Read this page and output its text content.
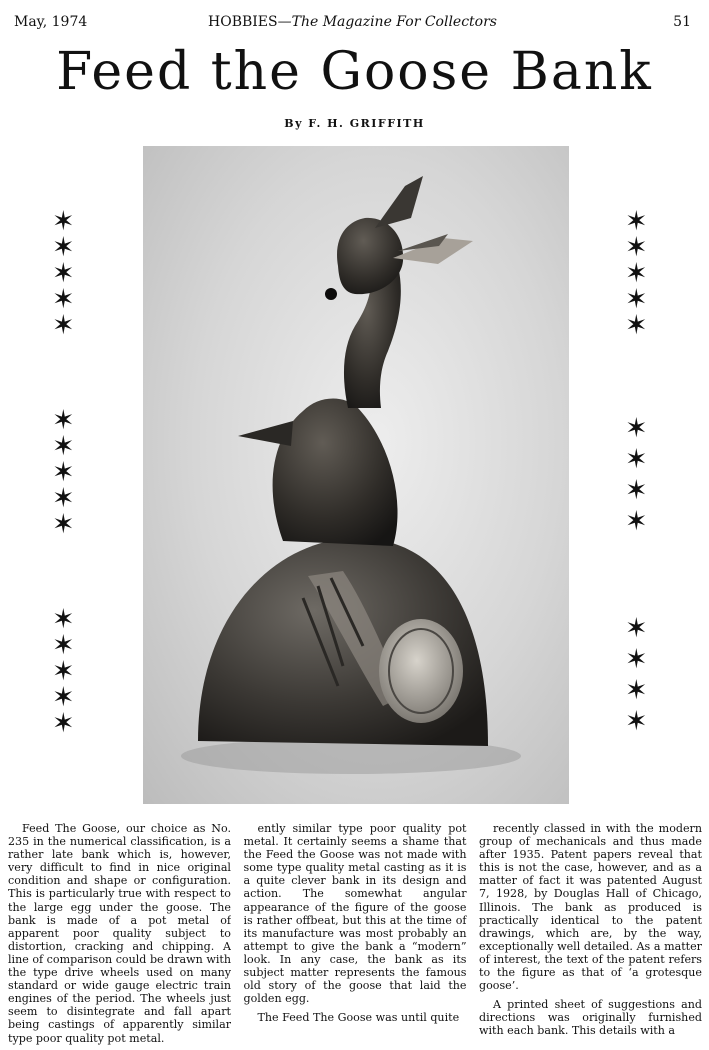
May, 1974	HOBBIES—The Magazine For Collectors	51
Feed the Goose Bank
By F. H. GRIFFITH
✶
✶
✶
✶
✶
✶
✶
✶
✶
✶
✶
✶
✶
✶
✶
✶
✶
✶
✶
✶
✶
✶
✶
✶
✶
✶
✶
✶

Feed The Goose, our choice as No. 235 in the numerical classification, is a rather late bank which is, however, very difficult to find in nice original condition and shape or configuration. This is particularly true with respect to the large egg under the goose. The bank is made of a pot metal of apparent poor quality subject to distortion, cracking and chipping. A line of comparison could be drawn with the type drive wheels used on many standard or wide gauge electric train engines of the period. The wheels just seem to disintegrate and fall apart being castings of apparently similar type poor quality pot metal.

ently similar type poor quality pot metal. It certainly seems a shame that the Feed the Goose was not made with some type quality metal casting as it is a quite clever bank in its design and action. The somewhat angular appearance of the figure of the goose is rather offbeat, but this at the time of its manufacture was most probably an attempt to give the bank a “modern” look. In any case, the bank as its subject matter represents the famous old story of the goose that laid the golden egg.

The Feed The Goose was until quite

recently classed in with the modern group of mechanicals and thus made after 1935. Patent papers reveal that this is not the case, however, and as a matter of fact it was patented August 7, 1928, by Douglas Hall of Chicago, Illinois. The bank as produced is practically identical to the patent drawings, which are, by the way, exceptionally well detailed. As a matter of interest, the text of the patent refers to the figure as that of ‘a grotesque goose’.

A printed sheet of suggestions and directions was originally furnished with each bank. This details with a
